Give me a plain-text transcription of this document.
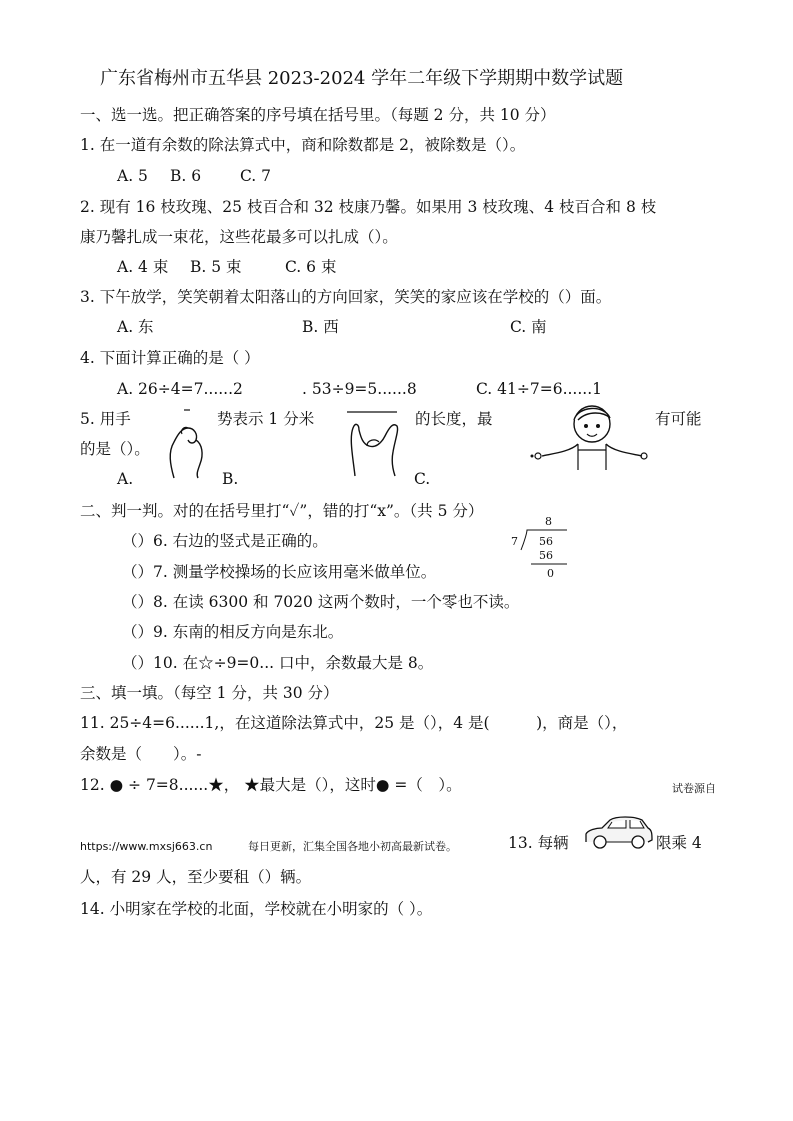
广东省梅州市五华县 2023-2024 学年二年级下学期期中数学试题
一、选一选。把正确答案的序号填在括号里。（每题 2 分，共 10 分）
1. 在一道有余数的除法算式中，商和除数都是 2，被除数是（）。
A. 5 B. 6	C. 7
2. 现有 16 枝玫瑰、25 枝百合和 32 枝康乃馨。如果用 3 枝玫瑰、4 枝百合和 8 枝
康乃馨扎成一束花，这些花最多可以扎成（）。
A. 4 束 B. 5 束	C. 6 束
3. 下午放学，笑笑朝着太阳落山的方向回家，笑笑的家应该在学校的（）面。
A. 东	B. 西	C. 南
4. 下面计算正确的是（ ）
A. 26÷4=7......2	. 53÷9=5......8	C. 41÷7=6......1
5. 用手	势表示 1 分米	的长度，最	有可能
的是（）。
A.	B.	C.
二、判一判。对的在括号里打“✓”，错的打“x”。（共 5 分）
（）6. 右边的竖式是正确的。
（）7. 测量学校操场的长应该用毫米做单位。
（）8. 在读 6300 和 7020 这两个数时，一个零也不读。
（）9. 东南的相反方向是东北。
（）10. 在☆÷9=0... 口中，余数最大是 8。
8
7 56
56
0
三、填一填。（每空 1 分，共 30 分）
11. 25÷4=6......1,，在这道除法算式中，25 是（），4 是(　　　)，商是（），
余数是（　　）。-
12. ● ÷ 7=8......★， ★最大是（），这时● =（　）。	试卷源自
https://www.mxsj663.cn	每日更新，汇集全国各地小初高最新试卷。	13. 每辆	限乘 4
人，有 29 人，至少要租（）辆。
14. 小明家在学校的北面，学校就在小明家的（ ）。
